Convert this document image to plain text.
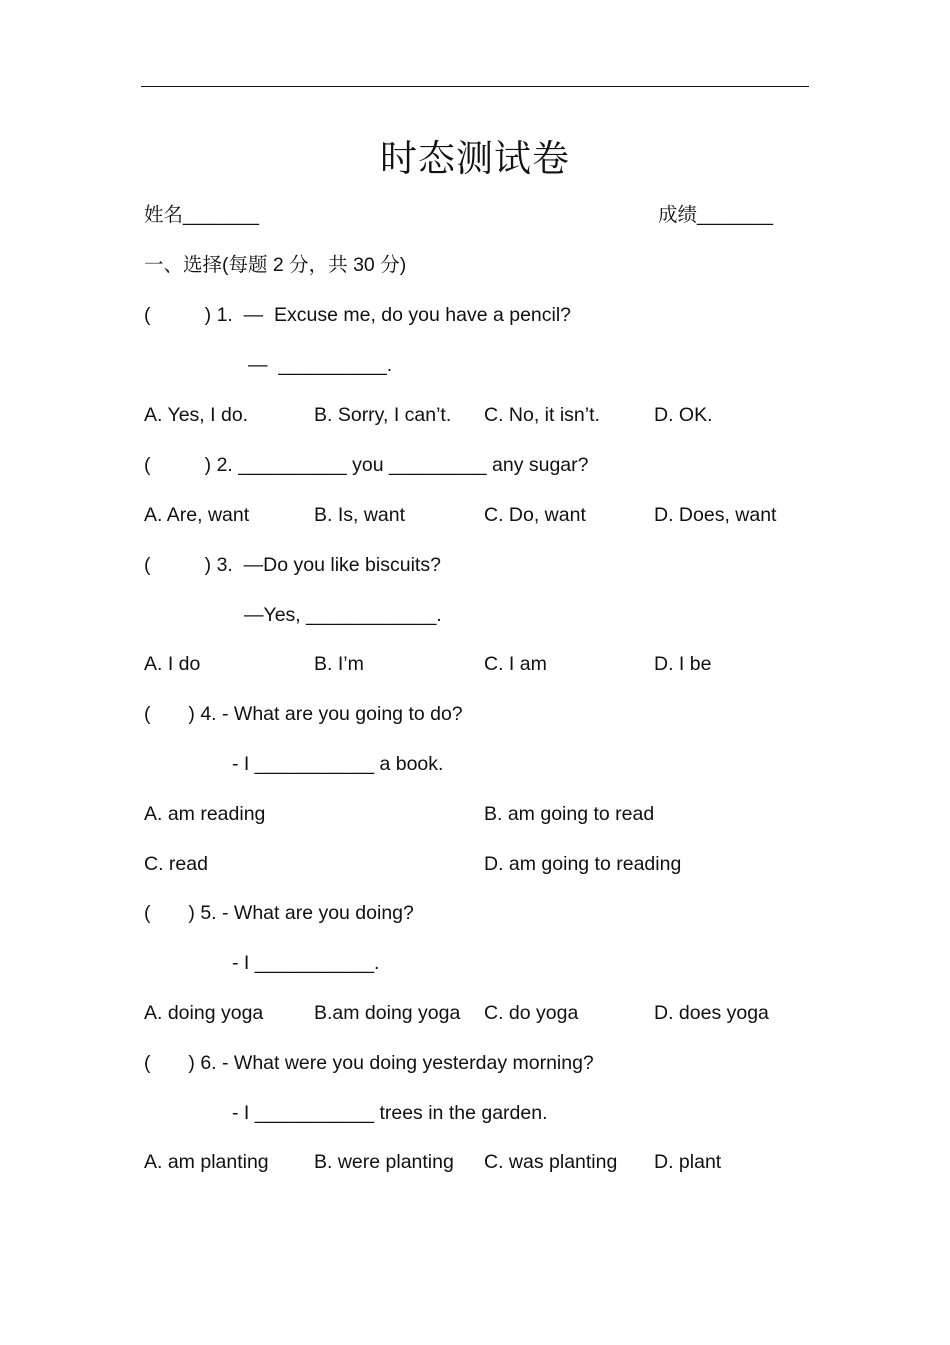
时态测试卷
姓名_______	成绩_______
一、选择(每题 2 分，共 30 分)
(          ) 1.  —  Excuse me, do you have a pencil?
—  __________.
A. Yes, I do.	B. Sorry, I can’t. C. No, it isn’t.	D. OK.
(          ) 2. __________ you _________ any sugar?
A. Are, want	B. Is, want	C. Do, want	D. Does, want
(          ) 3.  —Do you like biscuits?
—Yes, ____________.
A. I do	B. I’m	C. I am	D. I be
(       ) 4. - What are you going to do?
- I ___________ a book.
A. am reading	B. am going to read
C. read	D. am going to reading
(       ) 5. - What are you doing?
- I ___________.
A. doing yoga	B.am doing yoga C. do yoga	D. does yoga
(       ) 6. - What were you doing yesterday morning?
- I ___________ trees in the garden.
A. am planting B. were planting C. was planting D. plant
